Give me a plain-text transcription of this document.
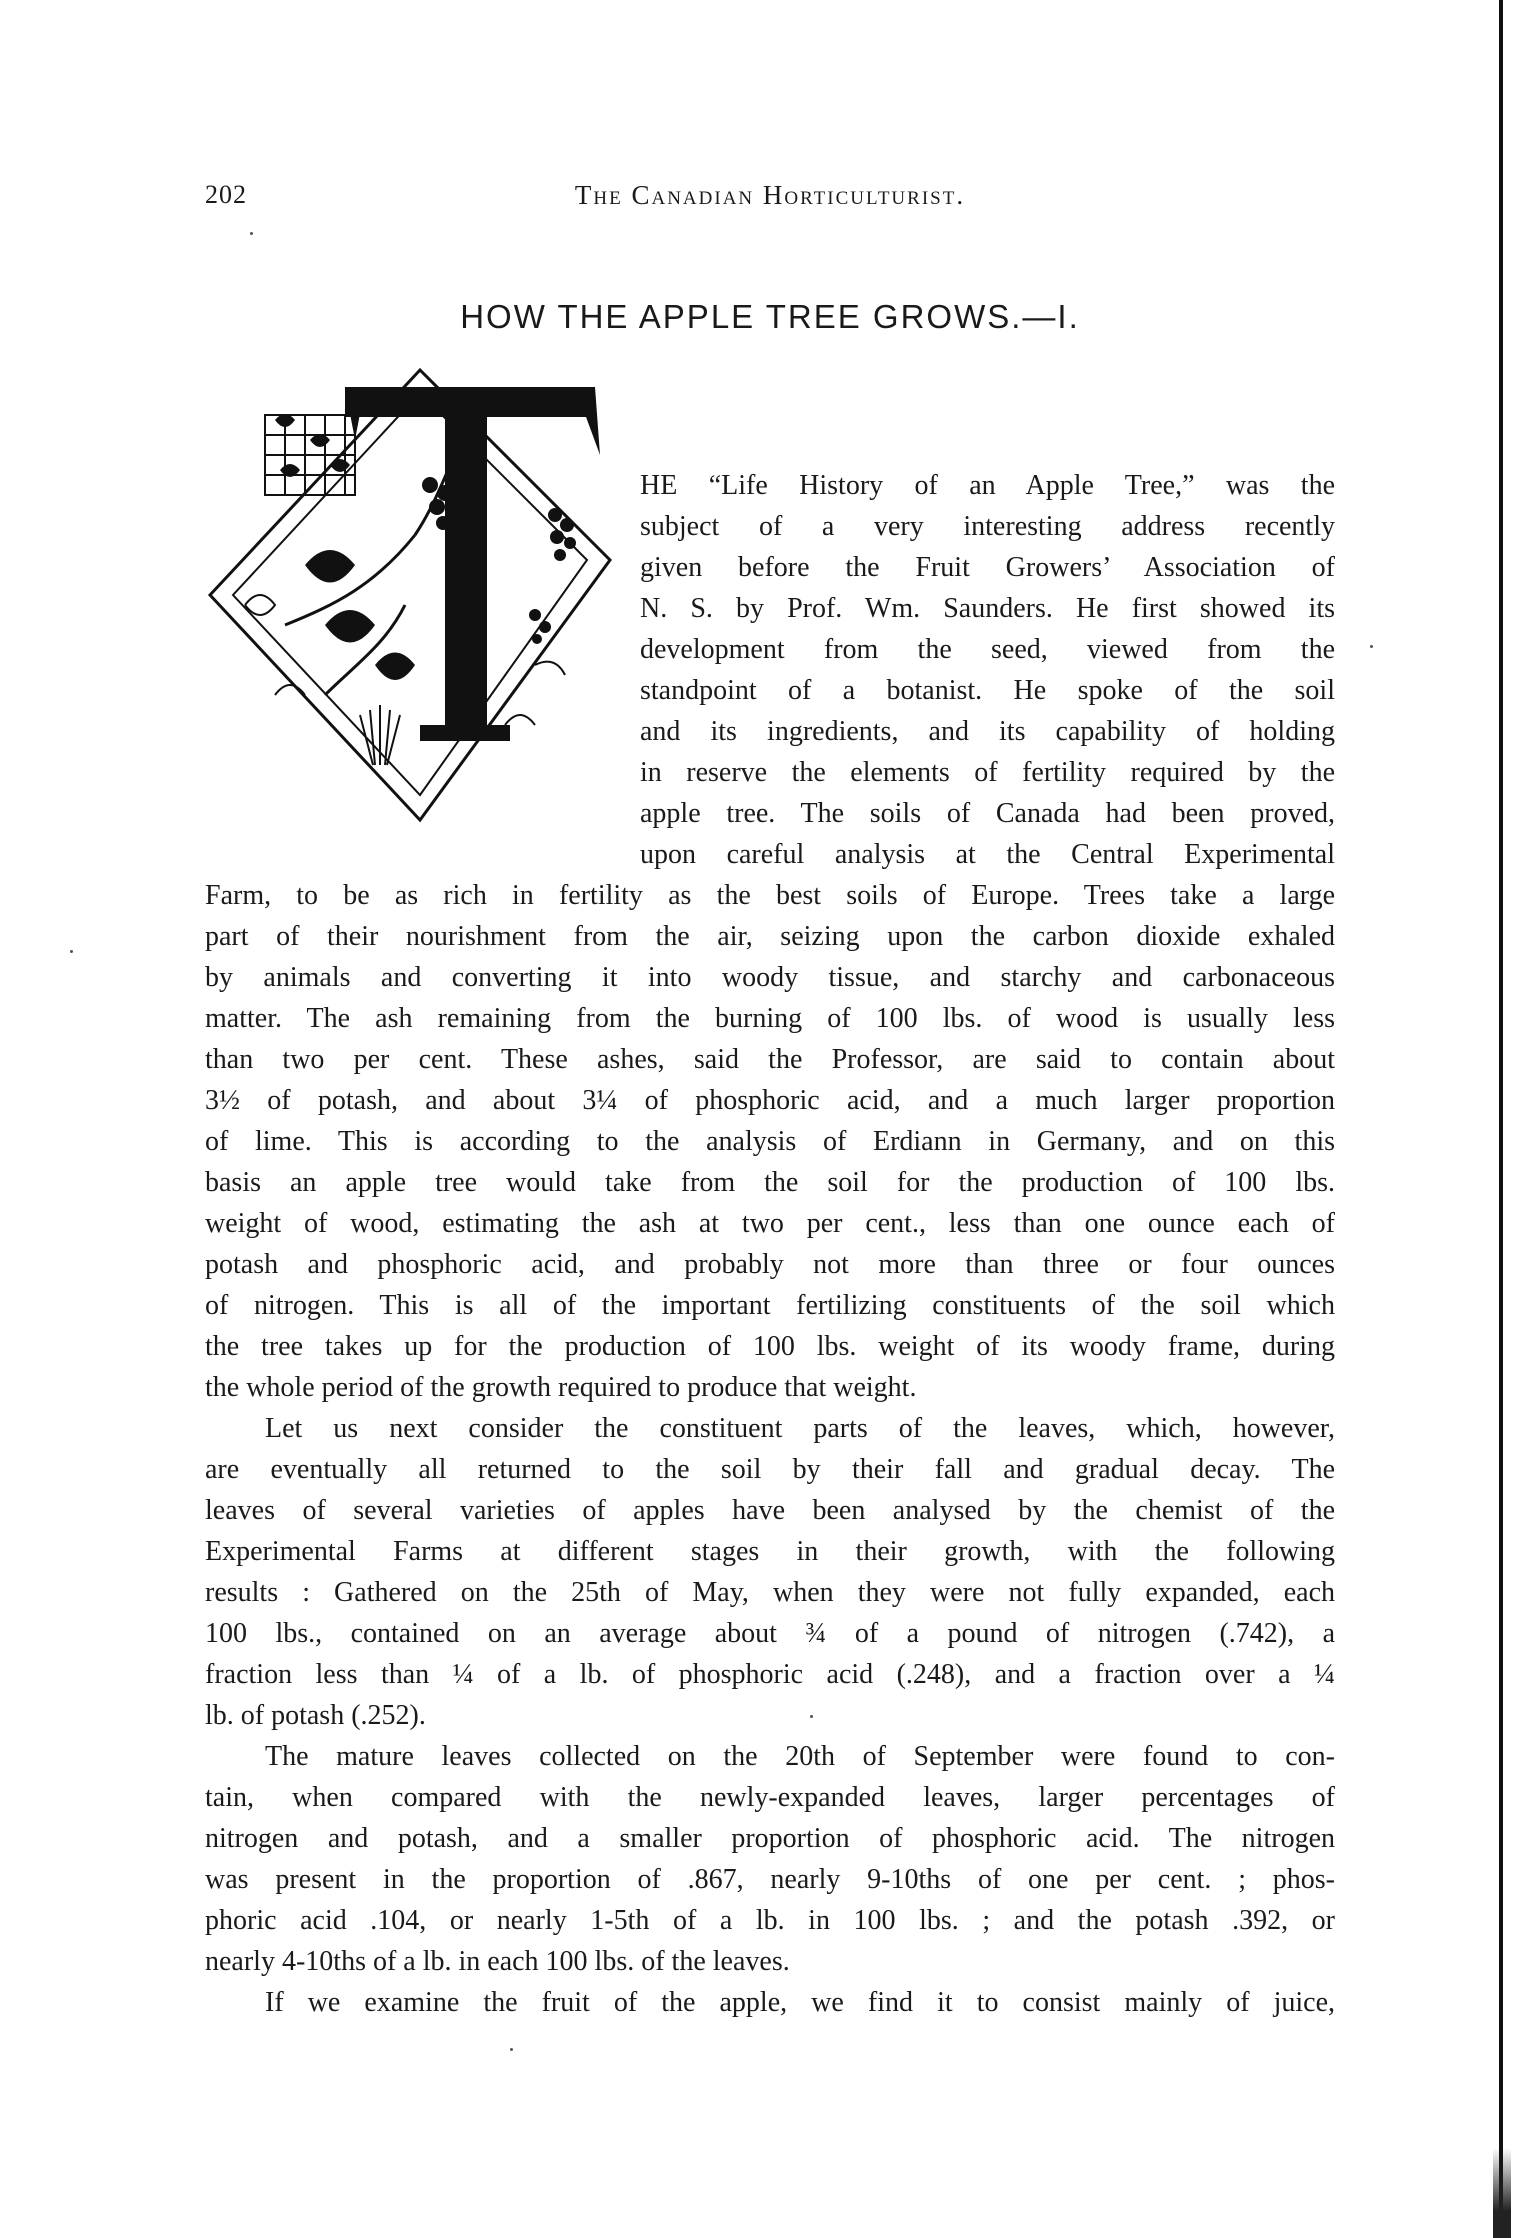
202	The Canadian Horticulturist.
HOW THE APPLE TREE GROWS.—I.
HE “Life History of an Apple Tree,” was the
subject of a very interesting address recently
given before the Fruit Growers’ Association of
N. S. by Prof. Wm. Saunders. He first showed its
development from the seed, viewed from the
standpoint of a botanist. He spoke of the soil
and its ingredients, and its capability of holding
in reserve the elements of fertility required by the
apple tree. The soils of Canada had been proved,
upon careful analysis at the Central Experimental

Farm, to be as rich in fertility as the best soils of Europe. Trees take a large
part of their nourishment from the air, seizing upon the carbon dioxide exhaled
by animals and converting it into woody tissue, and starchy and carbonaceous
matter. The ash remaining from the burning of 100 lbs. of wood is usually less
than two per cent. These ashes, said the Professor, are said to contain about
3½ of potash, and about 3¼ of phosphoric acid, and a much larger proportion
of lime. This is according to the analysis of Erdiann in Germany, and on this
basis an apple tree would take from the soil for the production of 100 lbs.
weight of wood, estimating the ash at two per cent., less than one ounce each of
potash and phosphoric acid, and probably not more than three or four ounces
of nitrogen. This is all of the important fertilizing constituents of the soil which
the tree takes up for the production of 100 lbs. weight of its woody frame, during
the whole period of the growth required to produce that weight.

Let us next consider the constituent parts of the leaves, which, however,
are eventually all returned to the soil by their fall and gradual decay. The
leaves of several varieties of apples have been analysed by the chemist of the
Experimental Farms at different stages in their growth, with the following
results : Gathered on the 25th of May, when they were not fully expanded, each
100 lbs., contained on an average about ¾ of a pound of nitrogen (.742), a
fraction less than ¼ of a lb. of phosphoric acid (.248), and a fraction over a ¼
lb. of potash (.252).

The mature leaves collected on the 20th of September were found to con-
tain, when compared with the newly-expanded leaves, larger percentages of
nitrogen and potash, and a smaller proportion of phosphoric acid. The nitrogen
was present in the proportion of .867, nearly 9-10ths of one per cent. ; phos-
phoric acid .104, or nearly 1-5th of a lb. in 100 lbs. ; and the potash .392, or
nearly 4-10ths of a lb. in each 100 lbs. of the leaves.

If we examine the fruit of the apple, we find it to consist mainly of juice,
